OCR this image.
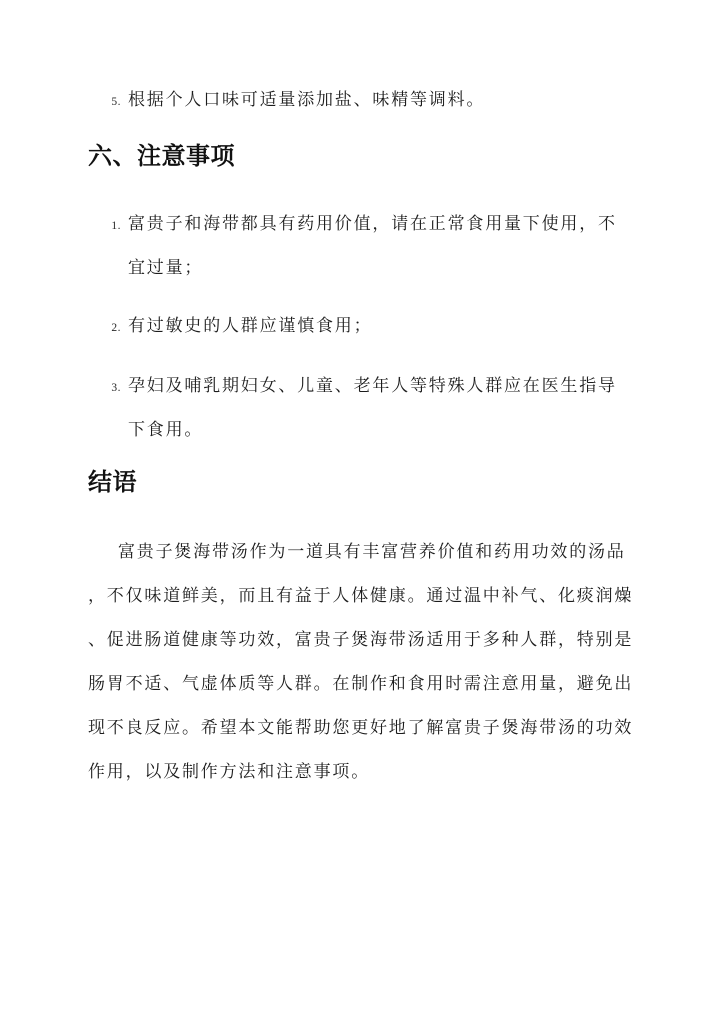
5. 根据个人口味可适量添加盐、味精等调料。
六、注意事项
1. 富贵子和海带都具有药用价值，请在正常食用量下使用，不宜过量；
2. 有过敏史的人群应谨慎食用；
3. 孕妇及哺乳期妇女、儿童、老年人等特殊人群应在医生指导下食用。
结语
富贵子煲海带汤作为一道具有丰富营养价值和药用功效的汤品
，不仅味道鲜美，而且有益于人体健康。通过温中补气、化痰润燥
、促进肠道健康等功效，富贵子煲海带汤适用于多种人群，特别是
肠胃不适、气虚体质等人群。在制作和食用时需注意用量，避免出
现不良反应。希望本文能帮助您更好地了解富贵子煲海带汤的功效
作用，以及制作方法和注意事项。
